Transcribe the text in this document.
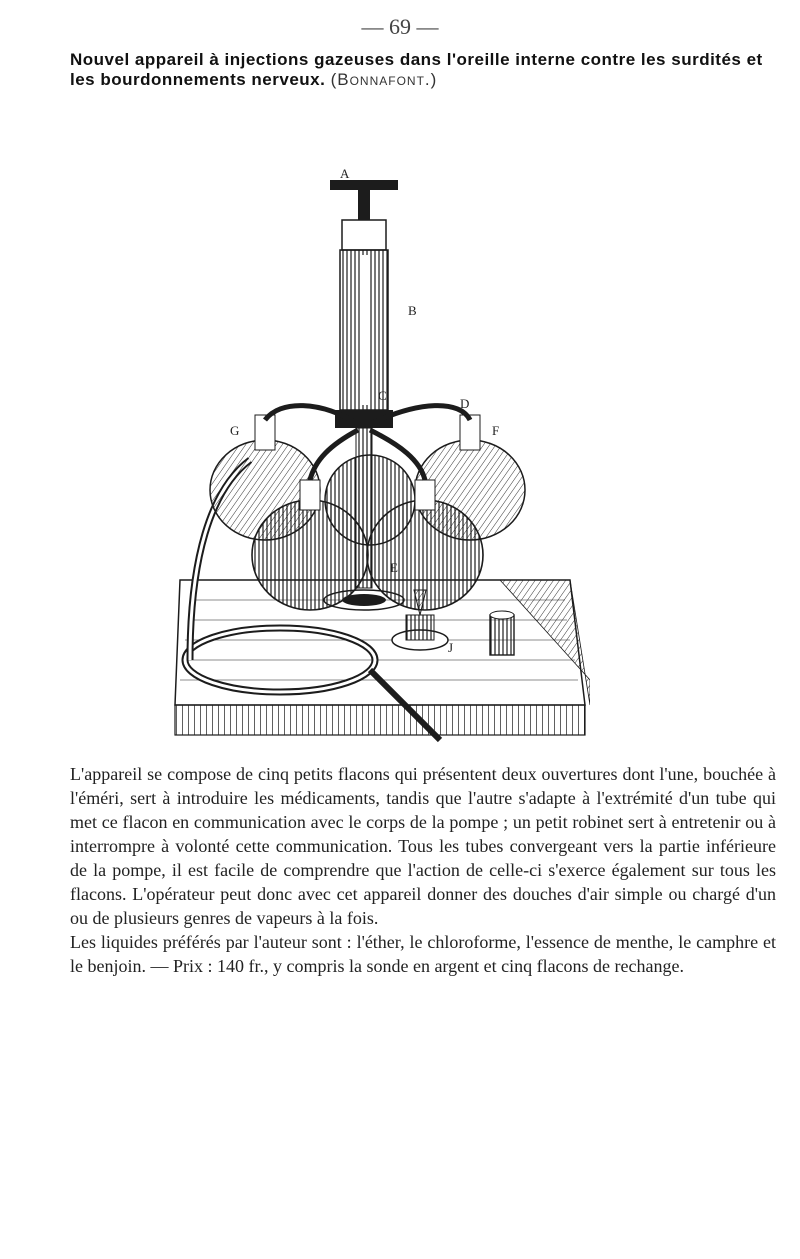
— 69 —
Nouvel appareil à injections gazeuses dans l'oreille interne contre les surdités et les bourdonnements nerveux. (Bonnafont.)
A
B
C
D
E
F
G
J

L'appareil se compose de cinq petits flacons qui présentent deux ouvertures dont l'une, bouchée à l'éméri, sert à introduire les médicaments, tandis que l'autre s'adapte à l'extrémité d'un tube qui met ce flacon en communication avec le corps de la pompe ; un petit robinet sert à entretenir ou à interrompre à volonté cette communication. Tous les tubes convergeant vers la partie inférieure de la pompe, il est facile de comprendre que l'action de celle-ci s'exerce également sur tous les flacons. L'opérateur peut donc avec cet appareil donner des douches d'air simple ou chargé d'un ou de plusieurs genres de vapeurs à la fois.

Les liquides préférés par l'auteur sont : l'éther, le chloroforme, l'essence de menthe, le camphre et le benjoin. — Prix : 140 fr., y compris la sonde en argent et cinq flacons de rechange.
